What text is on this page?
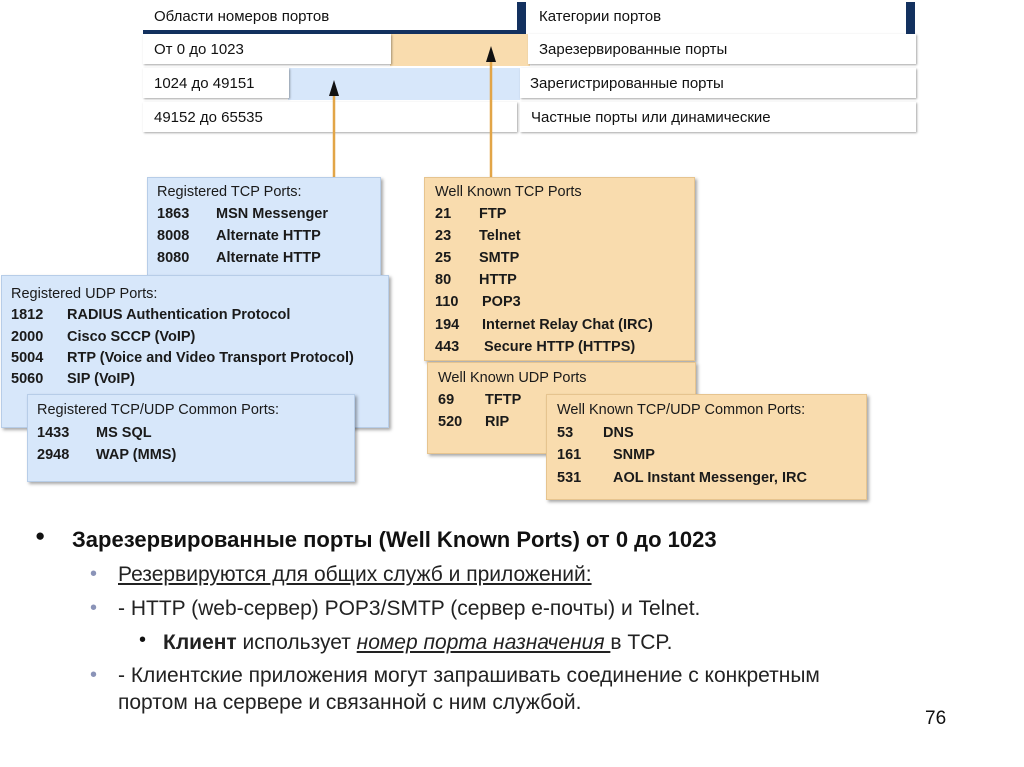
Области номеров портов	Категории портов
От 0 до 1023	Зарезервированные порты
1024 до 49151	Зарегистрированные порты
49152 до 65535	Частные порты или динамические
Registered TCP Ports:
1863 MSN Messenger
8008 Alternate HTTP
8080 Alternate HTTP
Registered UDP Ports:
1812 RADIUS Authentication Protocol
2000 Cisco SCCP (VoIP)
5004 RTP (Voice and Video Transport Protocol)
5060 SIP (VoIP)
Registered TCP/UDP Common Ports:
1433 MS SQL
2948 WAP (MMS)
Well Known TCP Ports
21 FTP
23 Telnet
25 SMTP
80 HTTP
110 POP3
194 Internet Relay Chat (IRC)
443 Secure HTTP (HTTPS)
Well Known UDP Ports
69 TFTP
520 RIP
Well Known TCP/UDP Common Ports:
53 DNS
161 SNMP
531 AOL Instant Messenger, IRC
● Зарезервированные порты (Well Known Ports) от 0 до 1023
• Резервируются для общих служб и приложений:
• - HTTP (web-сервер) POP3/SMTP (сервер e-почты) и Telnet.
• Клиент использует номер порта назначения в TCP.
• - Клиентские приложения могут запрашивать соединение с конкретным
портом на сервере и связанной с ним службой.
76
